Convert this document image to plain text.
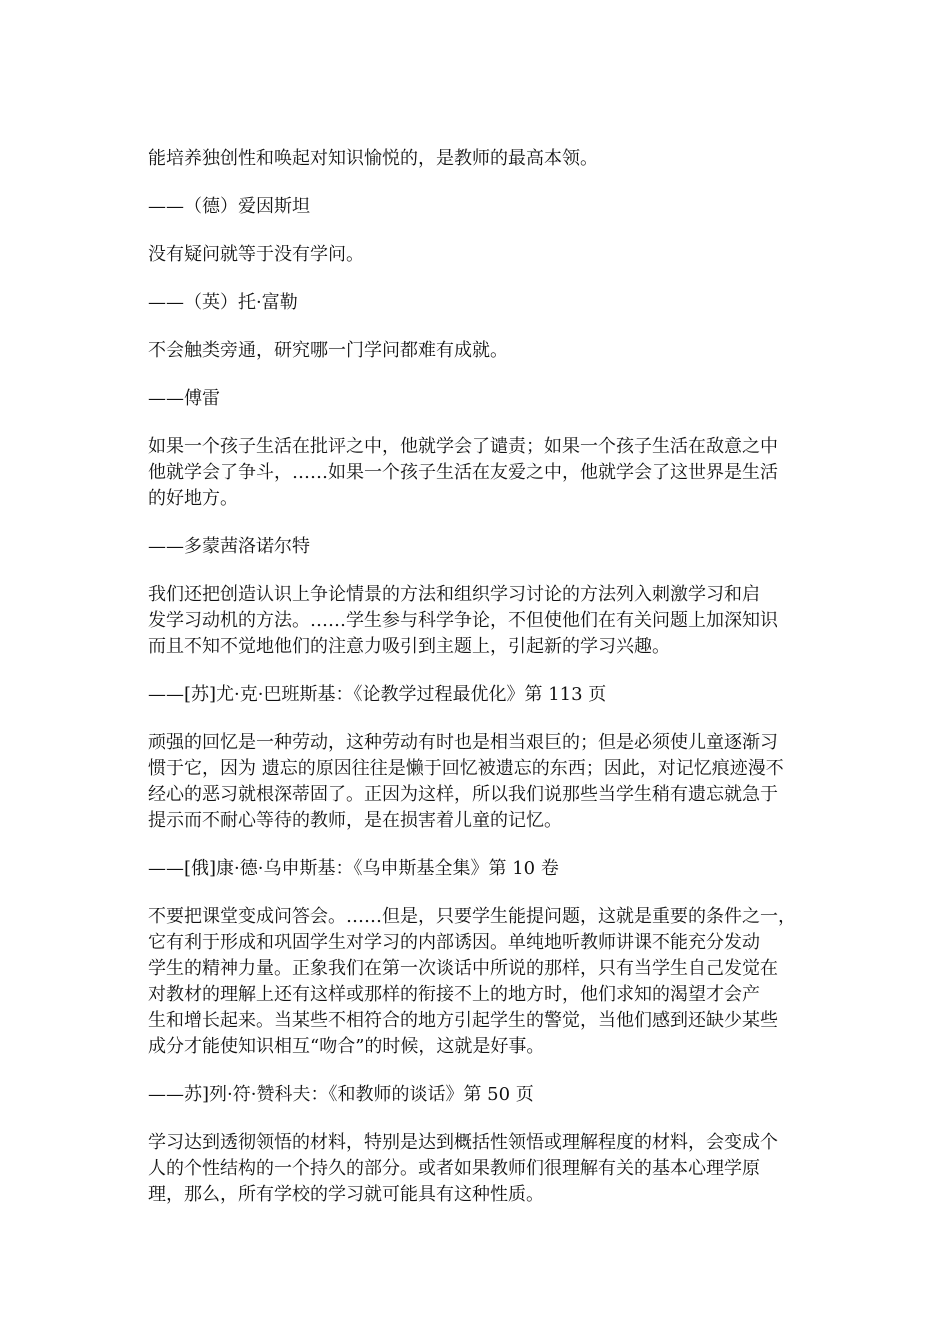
能培养独创性和唤起对知识愉悦的，是教师的最高本领。

——（德）爱因斯坦

没有疑问就等于没有学问。

——（英）托·富勒

不会触类旁通，研究哪一门学问都难有成就。

——傅雷

如果一个孩子生活在批评之中，他就学会了谴责；如果一个孩子生活在敌意之中
他就学会了争斗，……如果一个孩子生活在友爱之中，他就学会了这世界是生活
的好地方。

——多蒙茜洛诺尔特

我们还把创造认识上争论情景的方法和组织学习讨论的方法列入刺激学习和启
发学习动机的方法。……学生参与科学争论，不但使他们在有关问题上加深知识
而且不知不觉地他们的注意力吸引到主题上，引起新的学习兴趣。

——[苏]尤·克·巴班斯基：《论教学过程最优化》第 113 页

顽强的回忆是一种劳动，这种劳动有时也是相当艰巨的；但是必须使儿童逐渐习
惯于它，因为 遗忘的原因往往是懒于回忆被遗忘的东西；因此，对记忆痕迹漫不
经心的恶习就根深蒂固了。正因为这样，所以我们说那些当学生稍有遗忘就急于
提示而不耐心等待的教师，是在损害着儿童的记忆。

——[俄]康·德·乌申斯基：《乌申斯基全集》第 10 卷

不要把课堂变成问答会。……但是，只要学生能提问题，这就是重要的条件之一，
它有利于形成和巩固学生对学习的内部诱因。单纯地听教师讲课不能充分发动
学生的精神力量。正象我们在第一次谈话中所说的那样，只有当学生自己发觉在
对教材的理解上还有这样或那样的衔接不上的地方时，他们求知的渴望才会产
生和增长起来。当某些不相符合的地方引起学生的警觉，当他们感到还缺少某些
成分才能使知识相互“吻合”的时候，这就是好事。

——苏]列·符·赞科夫：《和教师的谈话》第 50 页

学习达到透彻领悟的材料，特别是达到概括性领悟或理解程度的材料，会变成个
人的个性结构的一个持久的部分。或者如果教师们很理解有关的基本心理学原
理，那么，所有学校的学习就可能具有这种性质。
